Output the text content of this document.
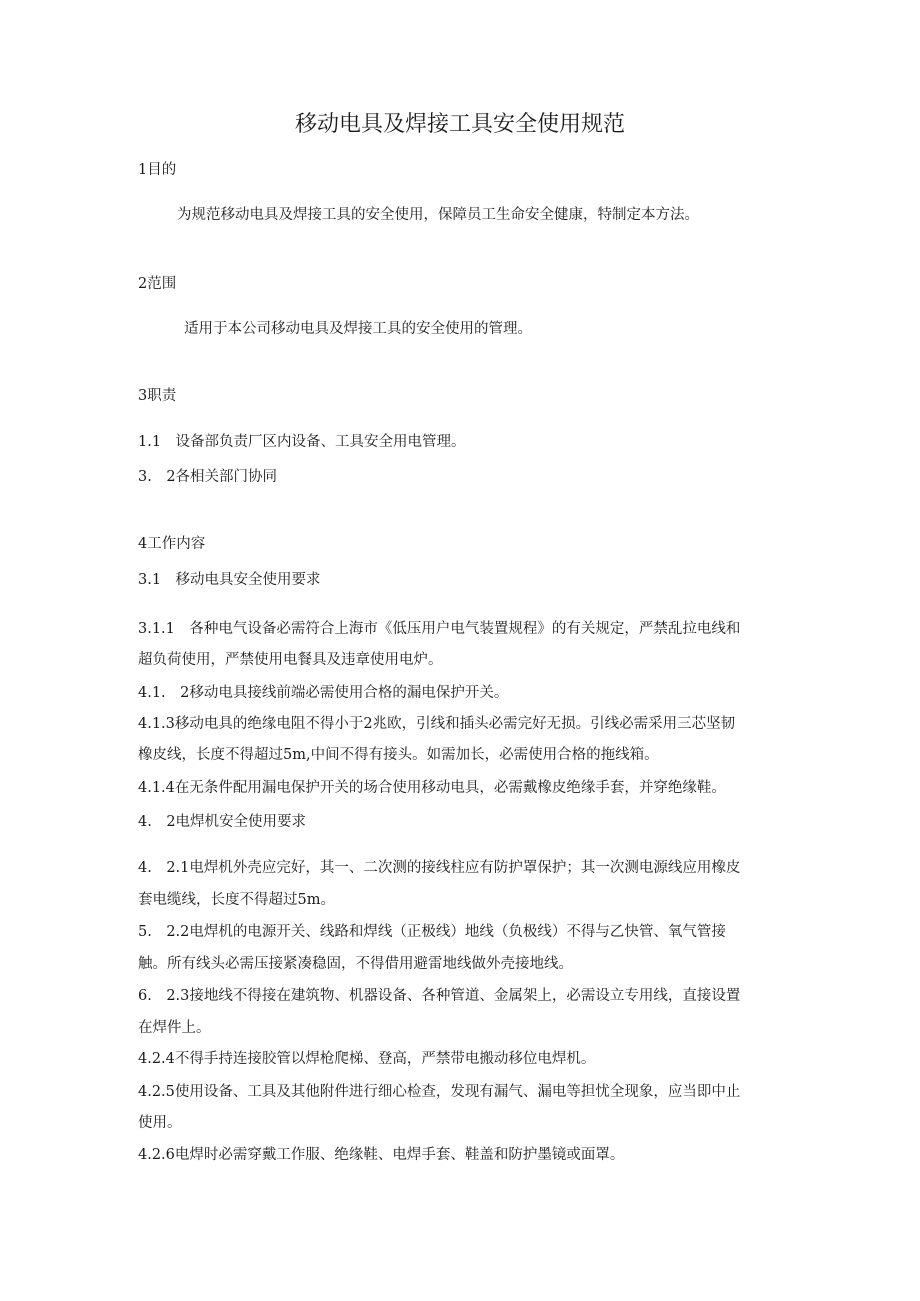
移动电具及焊接工具安全使用规范

1目的

为规范移动电具及焊接工具的安全使用，保障员工生命安全健康，特制定本方法。

2范围

适用于本公司移动电具及焊接工具的安全使用的管理。

3职责

1.1　设备部负责厂区内设备、工具安全用电管理。

3.　2各相关部门协同

4工作内容

3.1　移动电具安全使用要求

3.1.1　各种电气设备必需符合上海市《低压用户电气装置规程》的有关规定，严禁乱拉电线和

超负荷使用，严禁使用电餐具及违章使用电炉。

4.1.　2移动电具接线前端必需使用合格的漏电保护开关。

4.1.3移动电具的绝缘电阻不得小于2兆欧，引线和插头必需完好无损。引线必需采用三芯坚韧

橡皮线，长度不得超过5m,中间不得有接头。如需加长，必需使用合格的拖线箱。

4.1.4在无条件配用漏电保护开关的场合使用移动电具，必需戴橡皮绝缘手套，并穿绝缘鞋。

4.　2电焊机安全使用要求

4.　2.1电焊机外壳应完好，其一、二次测的接线柱应有防护罩保护；其一次测电源线应用橡皮

套电缆线，长度不得超过5m。

5.　2.2电焊机的电源开关、线路和焊线（正极线）地线（负极线）不得与乙快管、氧气管接

触。所有线头必需压接紧凑稳固，不得借用避雷地线做外壳接地线。

6.　2.3接地线不得接在建筑物、机器设备、各种管道、金属架上，必需设立专用线，直接设置

在焊件上。

4.2.4不得手持连接胶管以焊枪爬梯、登高，严禁带电搬动移位电焊机。

4.2.5使用设备、工具及其他附件进行细心检查，发现有漏气、漏电等担忧全现象，应当即中止

使用。

4.2.6电焊时必需穿戴工作服、绝缘鞋、电焊手套、鞋盖和防护墨镜或面罩。
